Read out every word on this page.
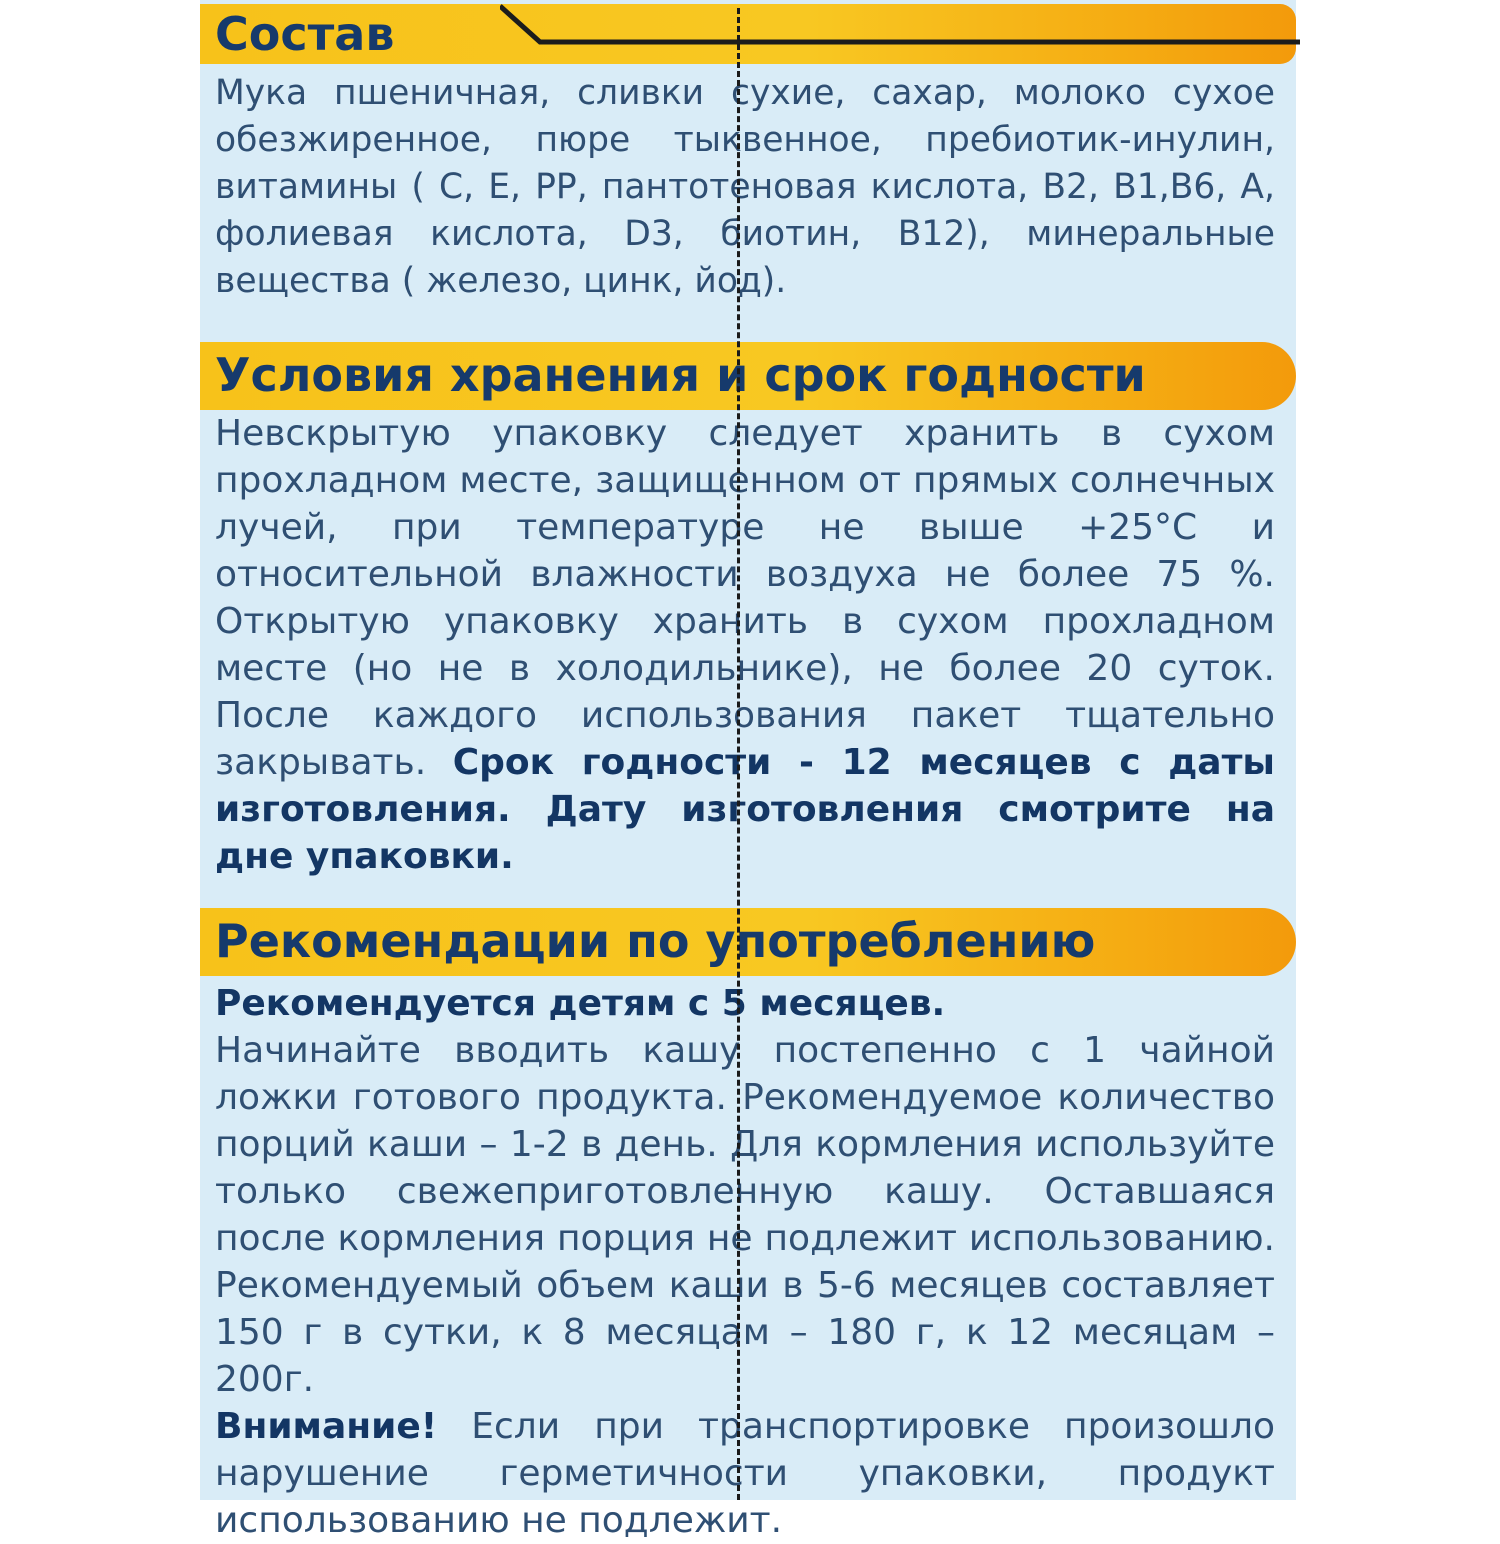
Состав

Мука пшеничная, сливки сухие, сахар, молоко сухое обезжиренное, пюре тыквенное, пребиотик-инулин, витамины ( С, Е, РР, пантотеновая кислота, В2, В1,В6, А, фолиевая кислота, D3, биотин, В12), минеральные вещества ( железо, цинк, йод).

Условия хранения и срок годности

Невскрытую упаковку следует хранить в сухом прохладном месте, защищенном от прямых солнечных лучей, при температуре не выше +25°С и относительной влажности воздуха не более 75 %. Открытую упаковку хранить в сухом прохладном месте (но не в холодильнике), не более 20 суток. После каждого использования пакет тщательно закрывать. Срок годности - 12 месяцев с даты изготовления. Дату изготовления смотрите на дне упаковки.

Рекомендации по употреблению

Рекомендуется детям с 5 месяцев.
Начинайте вводить кашу постепенно с 1 чайной ложки готового продукта. Рекомендуемое количество порций каши – 1-2 в день. Для кормления используйте только свежеприготовленную кашу. Оставшаяся после кормления порция не подлежит использованию. Рекомендуемый объем каши в 5-6 месяцев составляет 150 г в сутки, к 8 месяцам – 180 г, к 12 месяцам – 200г.
Внимание! Если при транспортировке произошло нарушение герметичности упаковки, продукт использованию не подлежит.
